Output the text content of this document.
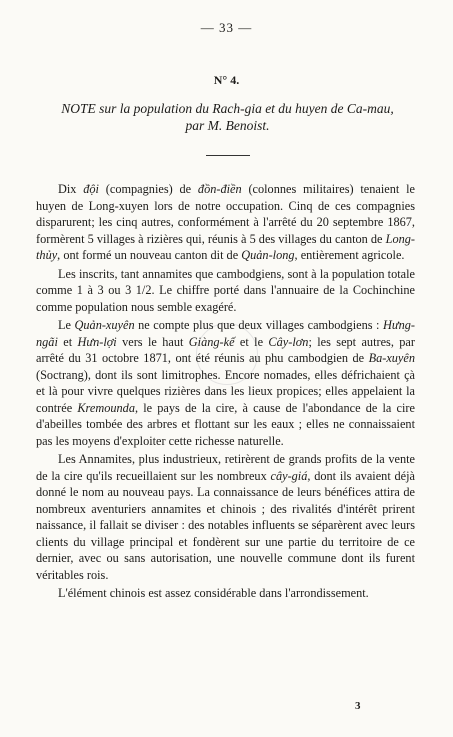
— 33 —
N° 4.
NOTE sur la population du Rach-gia et du huyen de Ca-mau,
par M. Benoist.

Dix đội (compagnies) de đồn-điền (colonnes militaires) tenaient le huyen de Long-xuyen lors de notre occupation. Cinq de ces compagnies disparurent; les cinq autres, conformément à l'arrêté du 20 septembre 1867, formèrent 5 villages à rizières qui, réunis à 5 des villages du canton de Long-thủy, ont formé un nouveau canton dit de Quản-long, entièrement agricole.

Les inscrits, tant annamites que cambodgiens, sont à la population totale comme 1 à 3 ou 3 1/2. Le chiffre porté dans l'annuaire de la Cochinchine comme population nous semble exagéré.

Le Quản-xuyên ne compte plus que deux villages cambodgiens : Hưng-ngãi et Hưn-lợi vers le haut Giàng-kế et le Cây-lơn; les sept autres, par arrêté du 31 octobre 1871, ont été réunis au phu cambodgien de Ba-xuyên (Soctrang), dont ils sont limitrophes. Encore nomades, elles défrichaient çà et là pour vivre quelques rizières dans les lieux propices; elles appelaient la contrée Kremounda, le pays de la cire, à cause de l'abondance de la cire d'abeilles tombée des arbres et flottant sur les eaux ; elles ne connaissaient pas les moyens d'exploiter cette richesse naturelle.

Les Annamites, plus industrieux, retirèrent de grands profits de la vente de la cire qu'ils recueillaient sur les nombreux cây-giá, dont ils avaient déjà donné le nom au nouveau pays. La connaissance de leurs bénéfices attira de nombreux aventuriers annamites et chinois ; des rivalités d'intérêt prirent naissance, il fallait se diviser : des notables influents se séparèrent avec leurs clients du village principal et fondèrent sur une partie du territoire de ce dernier, avec ou sans autorisation, une nouvelle commune dont ils furent véritables rois.

L'élément chinois est assez considérable dans l'arrondissement.

3
